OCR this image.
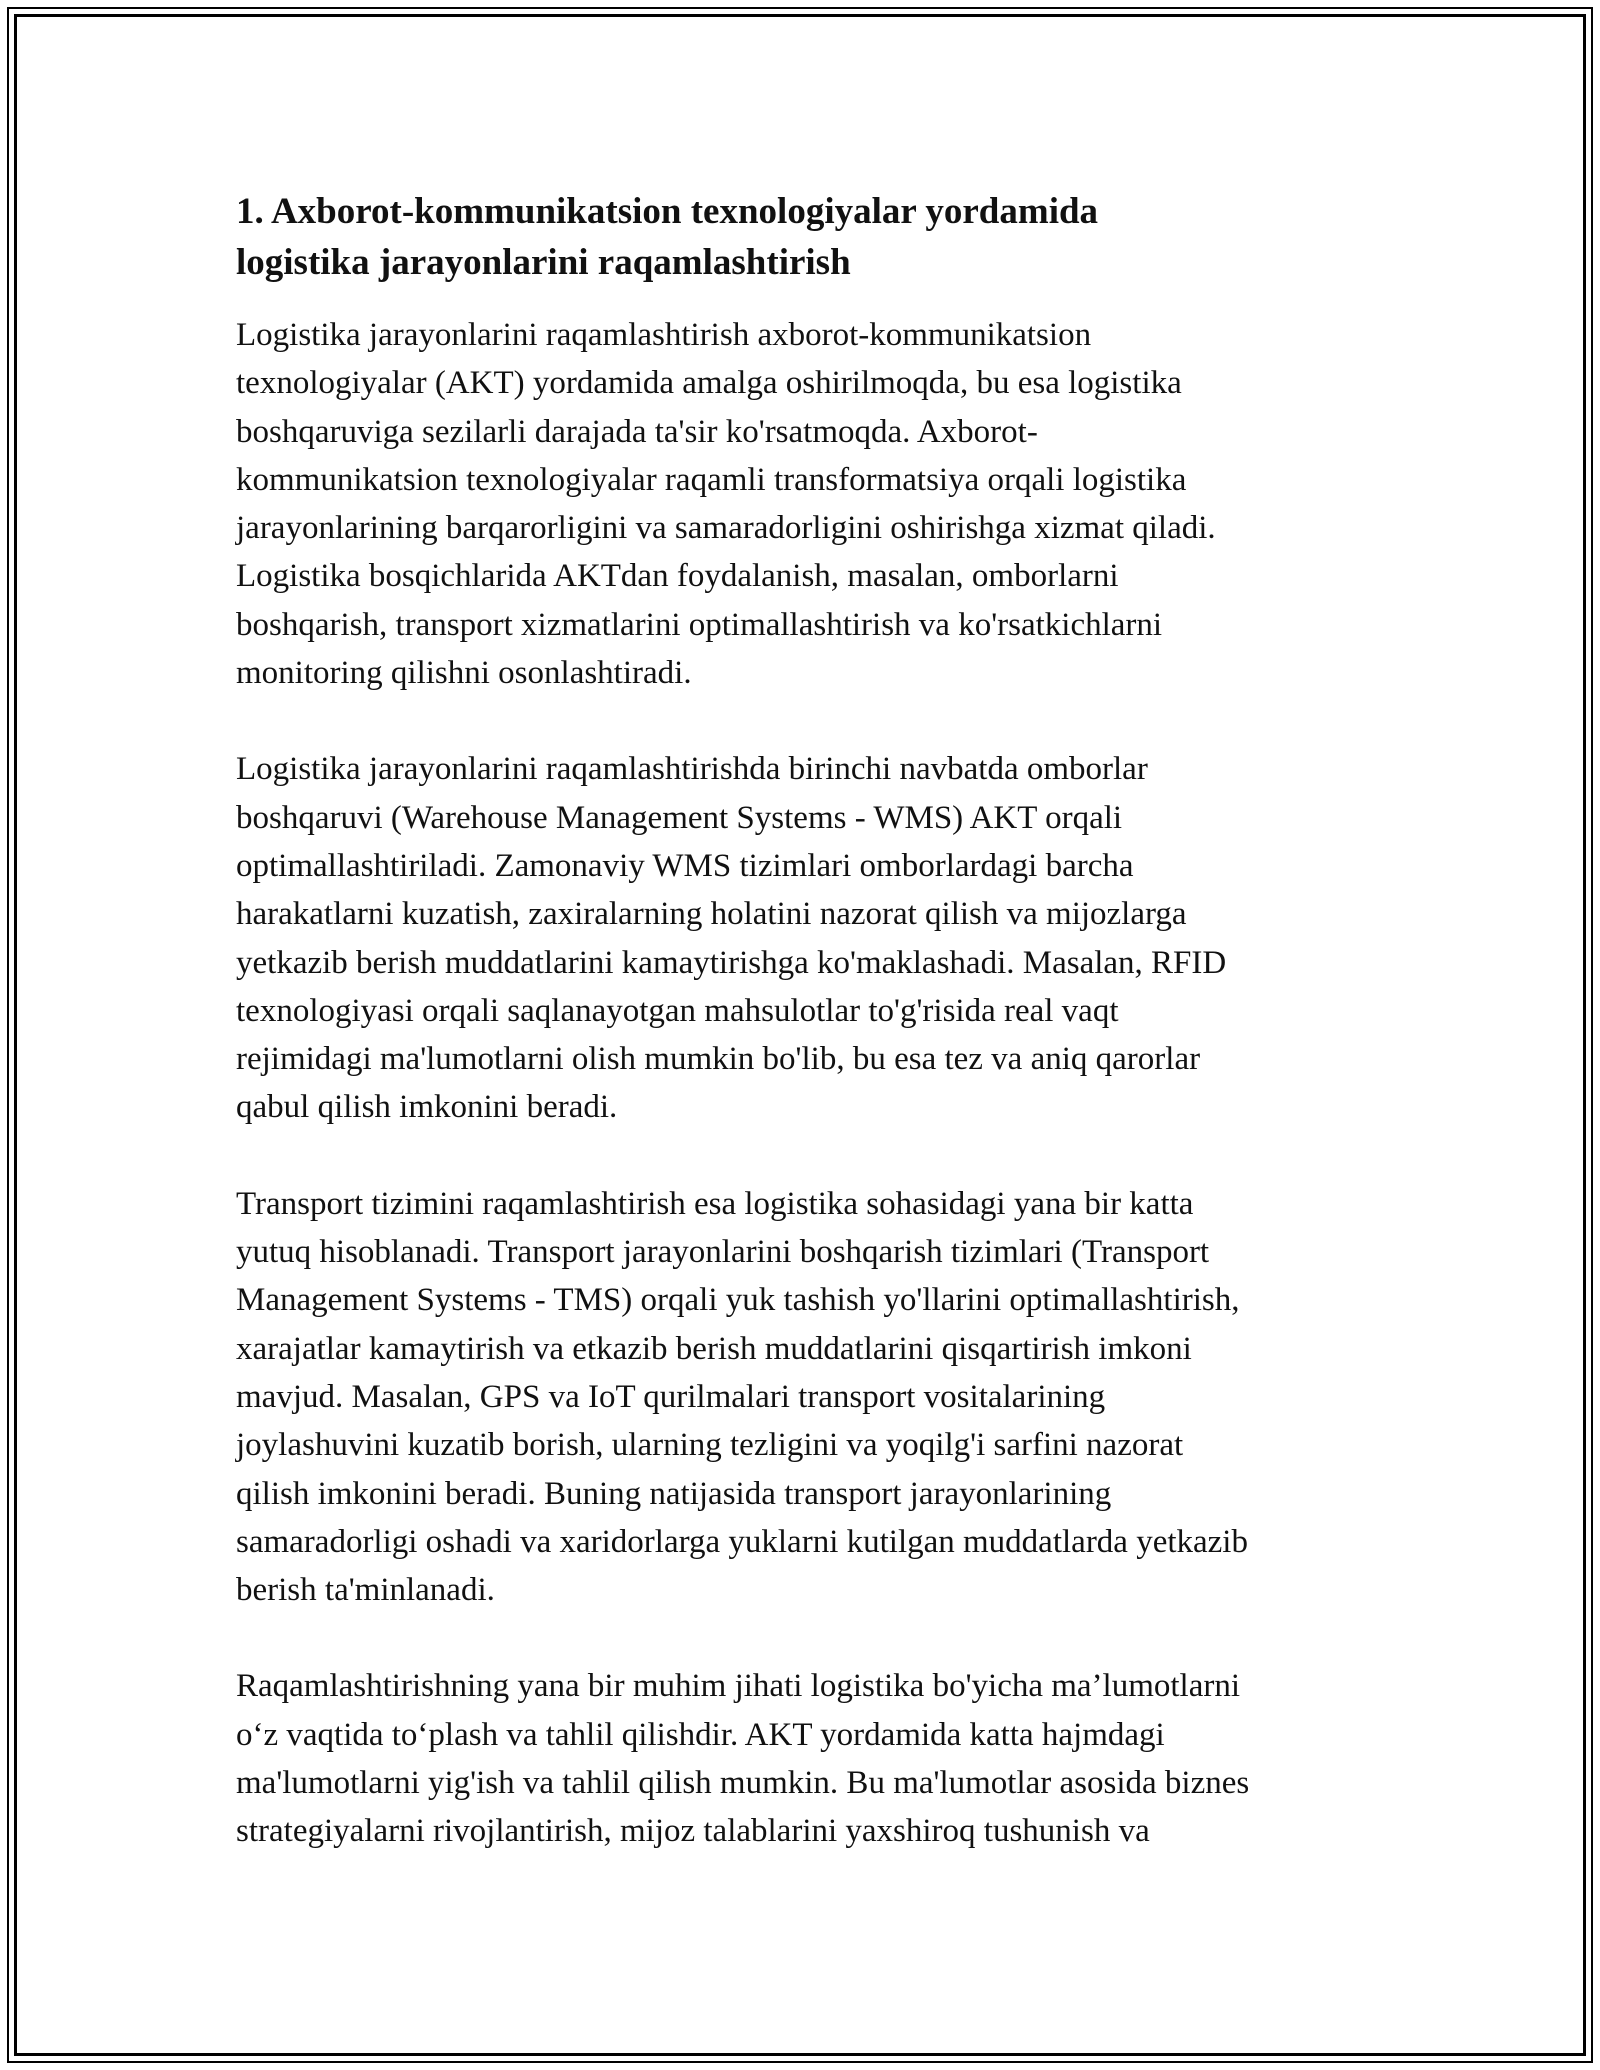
1. Axborot-kommunikatsion texnologiyalar yordamida
logistika jarayonlarini raqamlashtirish
Logistika jarayonlarini raqamlashtirish axborot-kommunikatsion
texnologiyalar (AKT) yordamida amalga oshirilmoqda, bu esa logistika
boshqaruviga sezilarli darajada ta'sir ko'rsatmoqda. Axborot-
kommunikatsion texnologiyalar raqamli transformatsiya orqali logistika
jarayonlarining barqarorligini va samaradorligini oshirishga xizmat qiladi.
Logistika bosqichlarida AKTdan foydalanish, masalan, omborlarni
boshqarish, transport xizmatlarini optimallashtirish va ko'rsatkichlarni
monitoring qilishni osonlashtiradi.
Logistika jarayonlarini raqamlashtirishda birinchi navbatda omborlar
boshqaruvi (Warehouse Management Systems - WMS) AKT orqali
optimallashtiriladi. Zamonaviy WMS tizimlari omborlardagi barcha
harakatlarni kuzatish, zaxiralarning holatini nazorat qilish va mijozlarga
yetkazib berish muddatlarini kamaytirishga ko'maklashadi. Masalan, RFID
texnologiyasi orqali saqlanayotgan mahsulotlar to'g'risida real vaqt
rejimidagi ma'lumotlarni olish mumkin bo'lib, bu esa tez va aniq qarorlar
qabul qilish imkonini beradi.
Transport tizimini raqamlashtirish esa logistika sohasidagi yana bir katta
yutuq hisoblanadi. Transport jarayonlarini boshqarish tizimlari (Transport
Management Systems - TMS) orqali yuk tashish yo'llarini optimallashtirish,
xarajatlar kamaytirish va etkazib berish muddatlarini qisqartirish imkoni
mavjud. Masalan, GPS va IoT qurilmalari transport vositalarining
joylashuvini kuzatib borish, ularning tezligini va yoqilg'i sarfini nazorat
qilish imkonini beradi. Buning natijasida transport jarayonlarining
samaradorligi oshadi va xaridorlarga yuklarni kutilgan muddatlarda yetkazib
berish ta'minlanadi.
Raqamlashtirishning yana bir muhim jihati logistika bo'yicha ma’lumotlarni
o‘z vaqtida to‘plash va tahlil qilishdir. AKT yordamida katta hajmdagi
ma'lumotlarni yig'ish va tahlil qilish mumkin. Bu ma'lumotlar asosida biznes
strategiyalarni rivojlantirish, mijoz talablarini yaxshiroq tushunish va
